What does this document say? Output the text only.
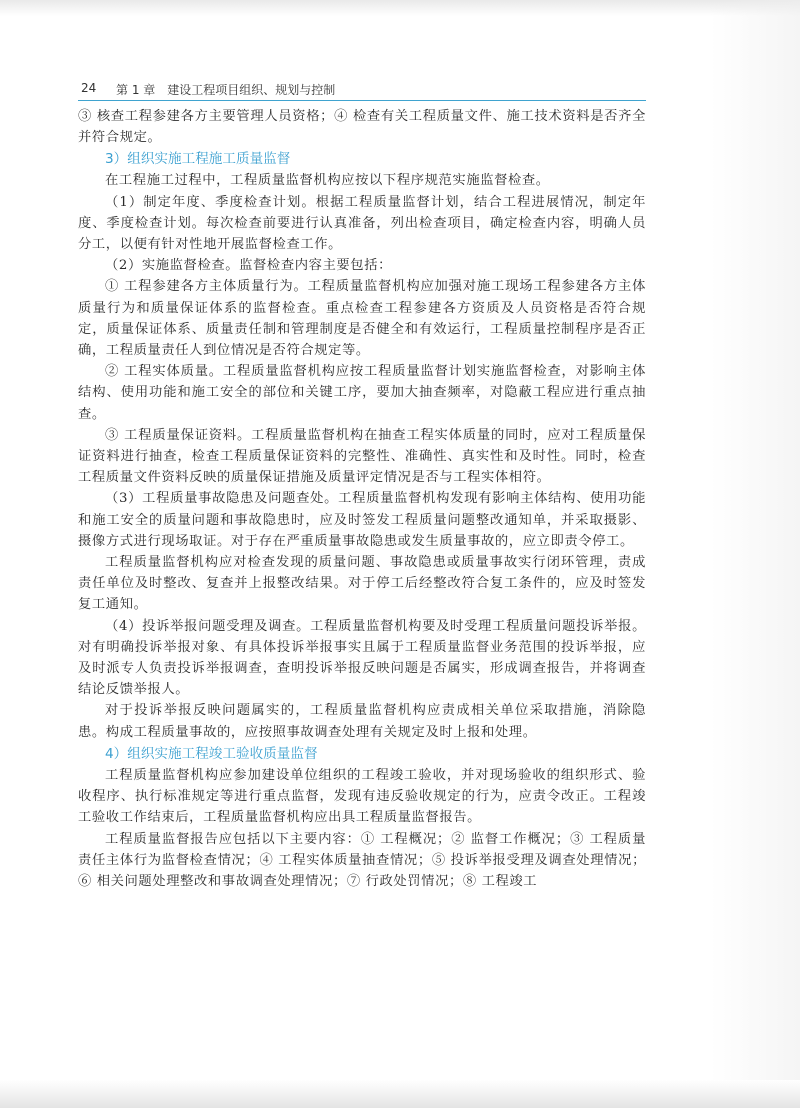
24 第 1 章　建设工程项目组织、规划与控制

③ 核查工程参建各方主要管理人员资格；④ 检查有关工程质量文件、施工技术资料是否齐全并符合规定。

3）组织实施工程施工质量监督

在工程施工过程中，工程质量监督机构应按以下程序规范实施监督检查。

（1）制定年度、季度检查计划。根据工程质量监督计划，结合工程进展情况，制定年度、季度检查计划。每次检查前要进行认真准备，列出检查项目，确定检查内容，明确人员分工，以便有针对性地开展监督检查工作。

（2）实施监督检查。监督检查内容主要包括：

① 工程参建各方主体质量行为。工程质量监督机构应加强对施工现场工程参建各方主体质量行为和质量保证体系的监督检查。重点检查工程参建各方资质及人员资格是否符合规定，质量保证体系、质量责任制和管理制度是否健全和有效运行，工程质量控制程序是否正确，工程质量责任人到位情况是否符合规定等。

② 工程实体质量。工程质量监督机构应按工程质量监督计划实施监督检查，对影响主体结构、使用功能和施工安全的部位和关键工序，要加大抽查频率，对隐蔽工程应进行重点抽查。

③ 工程质量保证资料。工程质量监督机构在抽查工程实体质量的同时，应对工程质量保证资料进行抽查，检查工程质量保证资料的完整性、准确性、真实性和及时性。同时，检查工程质量文件资料反映的质量保证措施及质量评定情况是否与工程实体相符。

（3）工程质量事故隐患及问题查处。工程质量监督机构发现有影响主体结构、使用功能和施工安全的质量问题和事故隐患时，应及时签发工程质量问题整改通知单，并采取摄影、摄像方式进行现场取证。对于存在严重质量事故隐患或发生质量事故的，应立即责令停工。

工程质量监督机构应对检查发现的质量问题、事故隐患或质量事故实行闭环管理，责成责任单位及时整改、复查并上报整改结果。对于停工后经整改符合复工条件的，应及时签发复工通知。

（4）投诉举报问题受理及调查。工程质量监督机构要及时受理工程质量问题投诉举报。对有明确投诉举报对象、有具体投诉举报事实且属于工程质量监督业务范围的投诉举报，应及时派专人负责投诉举报调查，查明投诉举报反映问题是否属实，形成调查报告，并将调查结论反馈举报人。

对于投诉举报反映问题属实的，工程质量监督机构应责成相关单位采取措施，消除隐患。构成工程质量事故的，应按照事故调查处理有关规定及时上报和处理。

4）组织实施工程竣工验收质量监督

工程质量监督机构应参加建设单位组织的工程竣工验收，并对现场验收的组织形式、验收程序、执行标准规定等进行重点监督，发现有违反验收规定的行为，应责令改正。工程竣工验收工作结束后，工程质量监督机构应出具工程质量监督报告。

工程质量监督报告应包括以下主要内容：① 工程概况；② 监督工作概况；③ 工程质量责任主体行为监督检查情况；④ 工程实体质量抽查情况；⑤ 投诉举报受理及调查处理情况；⑥ 相关问题处理整改和事故调查处理情况；⑦ 行政处罚情况；⑧ 工程竣工
